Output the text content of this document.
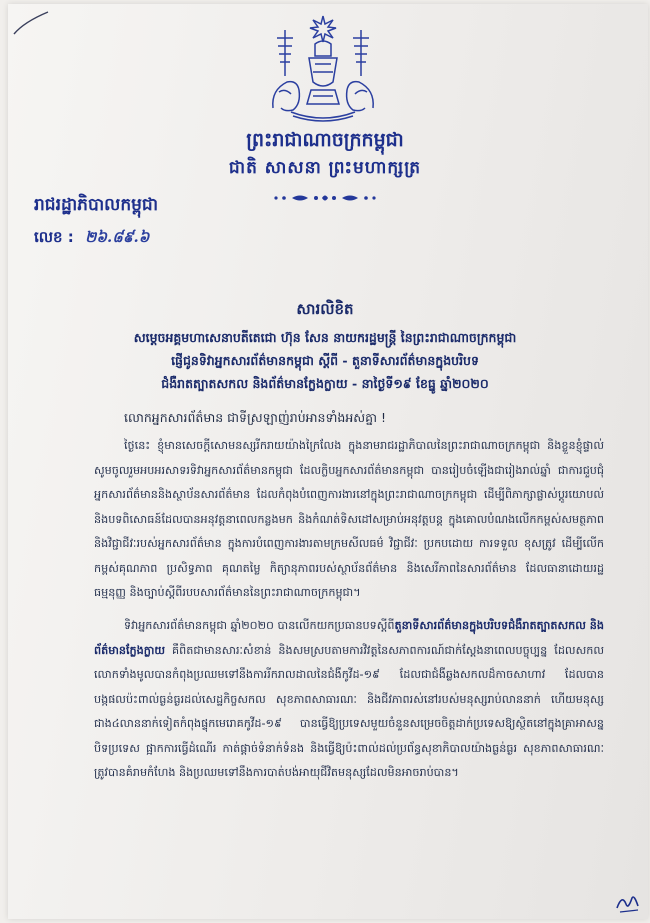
ព្រះរាជាណាចក្រកម្ពុជា
ជាតិ សាសនា ព្រះមហាក្សត្រ
រាជរដ្ឋាភិបាលកម្ពុជា
លេខ : ២៦.៨៩.៦
សារលិខិត
សម្តេចអគ្គមហាសេនាបតីតេជោ ហ៊ុន សែន នាយករដ្ឋមន្ត្រី នៃព្រះរាជាណាចក្រកម្ពុជា
ផ្ញើជូនទិវាអ្នកសារព័ត៌មានកម្ពុជា ស្តីពី - តួនាទីសារព័ត៌មានក្នុងបរិបទ
ជំងឺរាតត្បាតសកល និងព័ត៌មានក្លែងក្លាយ - នាថ្ងៃទី១៩ ខែធ្នូ ឆ្នាំ២០២០
លោកអ្នកសារព័ត៌មាន ជាទីស្រឡាញ់រាប់អានទាំងអស់គ្នា !
ថ្ងៃនេះ ខ្ញុំមានសេចក្តីសោមនស្សរីករាយយ៉ាងក្រៃលែង ក្នុងនាមរាជរដ្ឋាភិបាលនៃព្រះរាជាណាចក្រកម្ពុជា និងខ្លួនខ្ញុំផ្ទាល់ សូមចូលរួមអបអរសាទរទិវាអ្នកសារព័ត៌មានកម្ពុជា ដែលក្លិបអ្នកសារព័ត៌មានកម្ពុជា បានរៀបចំឡើងជារៀងរាល់ឆ្នាំ ជាការជួបជុំអ្នកសារព័ត៌មាននិងស្ថាប័នសារព័ត៌មាន ដែលកំពុងបំពេញការងារនៅក្នុងព្រះរាជាណាចក្រកម្ពុជា ដើម្បីពិភាក្សាផ្លាស់ប្តូរយោបល់ និងបទពិសោធន៍ដែលបានអនុវត្តនាពេលកន្លងមក និងកំណត់ទិសដៅសម្រាប់អនុវត្តបន្ត ក្នុងគោលបំណងលើកកម្ពស់សមត្ថភាពនិងវិជ្ជាជីវៈរបស់អ្នកសារព័ត៌មាន ក្នុងការបំពេញការងារតាមក្រមសីលធម៌ វិជ្ជាជីវៈ ប្រកបដោយ ការទទួល ខុសត្រូវ ដើម្បីលើកកម្ពស់គុណភាព ប្រសិទ្ធភាព គុណតម្លៃ កិត្យានុភាពរបស់ស្ថាប័នព័ត៌មាន និងសេរីភាពនៃសារព័ត៌មាន ដែលធានាដោយរដ្ឋធម្មនុញ្ញ និងច្បាប់ស្តីពីរបបសារព័ត៌មាននៃព្រះរាជាណាចក្រកម្ពុជា។
ទិវាអ្នកសារព័ត៌មានកម្ពុជា ឆ្នាំ២០២០ បានលើកយកប្រធានបទស្តីពីតួនាទីសារព័ត៌មានក្នុងបរិបទជំងឺរាតត្បាតសកល និងព័ត៌មានក្លែងក្លាយ គឺពិតជាមានសារៈសំខាន់ និងសមស្របតាមការវិវត្តនៃសភាពការណ៍ជាក់ស្តែងនាពេលបច្ចុប្បន្ន ដែលសកលលោកទាំងមូលបានកំពុងប្រឈមទៅនឹងការរីករាលដាលនៃជំងឺកូវីដ-១៩ ដែលជាជំងឺឆ្លងសកលដ៏កាចសាហាវ ដែលបានបង្កផលប៉ះពាល់ធ្ងន់ធ្ងរដល់សេដ្ឋកិច្ចសកល សុខភាពសាធារណៈ និងជីវភាពរស់នៅរបស់មនុស្សរាប់លាននាក់ ហើយមនុស្សជាង៤លាននាក់ទៀតកំពុងផ្ទុកមេរោគកូវីដ-១៩ បានធ្វើឱ្យប្រទេសមួយចំនួនសម្រេចចិត្តដាក់ប្រទេសឱ្យស្ថិតនៅក្នុងគ្រាអាសន្ន បិទប្រទេស ផ្អាកការធ្វើដំណើរ កាត់ផ្តាច់ទំនាក់ទំនង និងធ្វើឱ្យប៉ះពាល់ដល់ប្រព័ន្ធសុខាភិបាលយ៉ាងធ្ងន់ធ្ងរ សុខភាពសាធារណៈត្រូវបានគំរាមកំហែង និងប្រឈមទៅនឹងការបាត់បង់អាយុជីវិតមនុស្សដែលមិនអាចរាប់បាន។
